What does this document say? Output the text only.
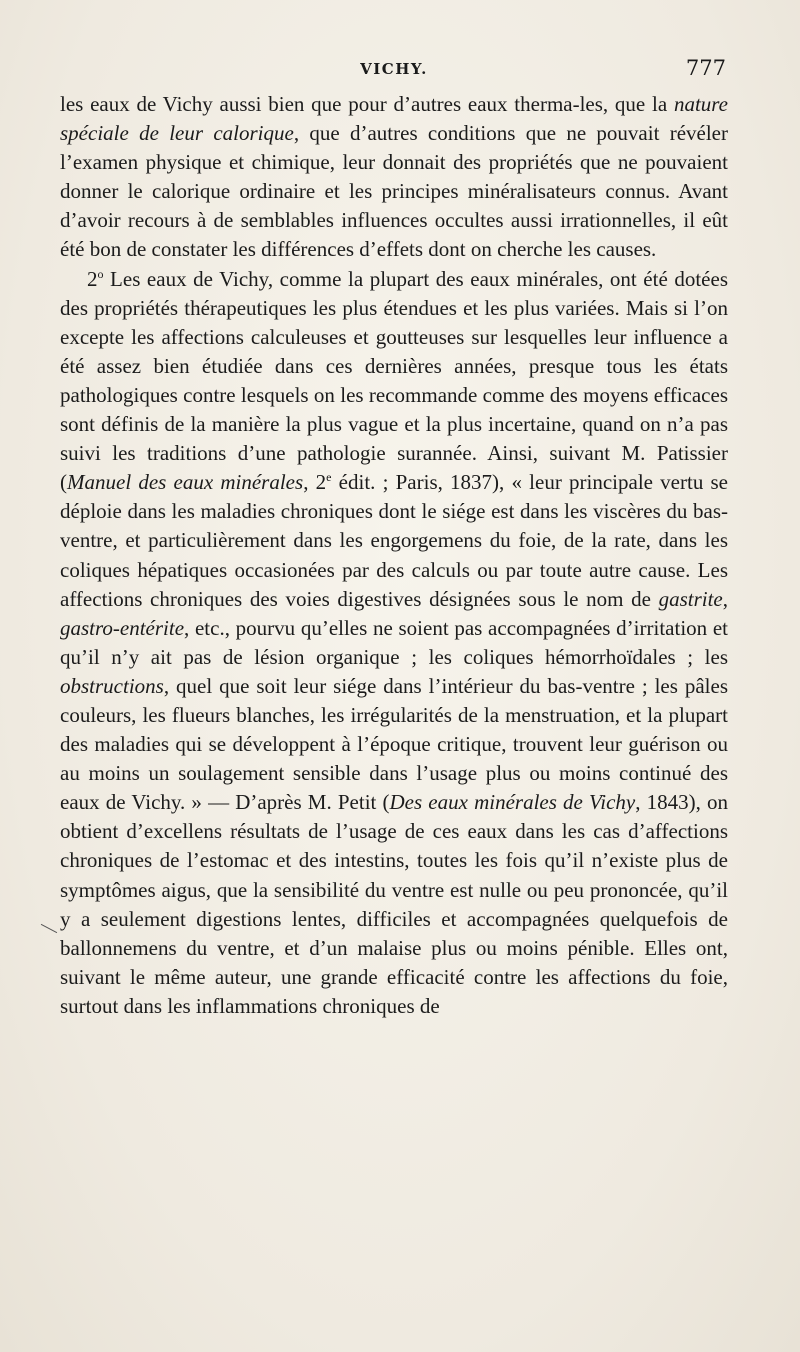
VICHY.	777

les eaux de Vichy aussi bien que pour d’autres eaux therma-les, que la nature spéciale de leur calorique, que d’autres conditions que ne pouvait révéler l’examen physique et chimique, leur donnait des propriétés que ne pouvaient donner le calorique ordinaire et les principes minéralisateurs connus. Avant d’avoir recours à de semblables influences occultes aussi irrationnelles, il eût été bon de constater les différences d’effets dont on cherche les causes.

2$^o$ Les eaux de Vichy, comme la plupart des eaux minérales, ont été dotées des propriétés thérapeutiques les plus étendues et les plus variées. Mais si l’on excepte les affections calculeuses et goutteuses sur lesquelles leur influence a été assez bien étudiée dans ces dernières années, presque tous les états pathologiques contre lesquels on les recommande comme des moyens efficaces sont définis de la manière la plus vague et la plus incertaine, quand on n’a pas suivi les traditions d’une pathologie surannée. Ainsi, suivant M. Patissier (Manuel des eaux minérales, 2e édit. ; Paris, 1837), « leur principale vertu se déploie dans les maladies chroniques dont le siége est dans les viscères du bas-ventre, et particulièrement dans les engorgemens du foie, de la rate, dans les coliques hépatiques occasionées par des calculs ou par toute autre cause. Les affections chroniques des voies digestives désignées sous le nom de gastrite, gastro-entérite, etc., pourvu qu’elles ne soient pas accompagnées d’irritation et qu’il n’y ait pas de lésion organique ; les coliques hémorrhoïdales ; les obstructions, quel que soit leur siége dans l’intérieur du bas-ventre ; les pâles couleurs, les flueurs blanches, les irrégularités de la menstruation, et la plupart des maladies qui se développent à l’époque critique, trouvent leur guérison ou au moins un soulagement sensible dans l’usage plus ou moins continué des eaux de Vichy. » — D’après M. Petit (Des eaux minérales de Vichy, 1843), on obtient d’excellens résultats de l’usage de ces eaux dans les cas d’affections chroniques de l’estomac et des intestins, toutes les fois qu’il n’existe plus de symptômes aigus, que la sensibilité du ventre est nulle ou peu prononcée, qu’il y a seulement digestions lentes, difficiles et accompagnées quelquefois de ballonnemens du ventre, et d’un malaise plus ou moins pénible. Elles ont, suivant le même auteur, une grande efficacité contre les affections du foie, surtout dans les inflammations chroniques de
